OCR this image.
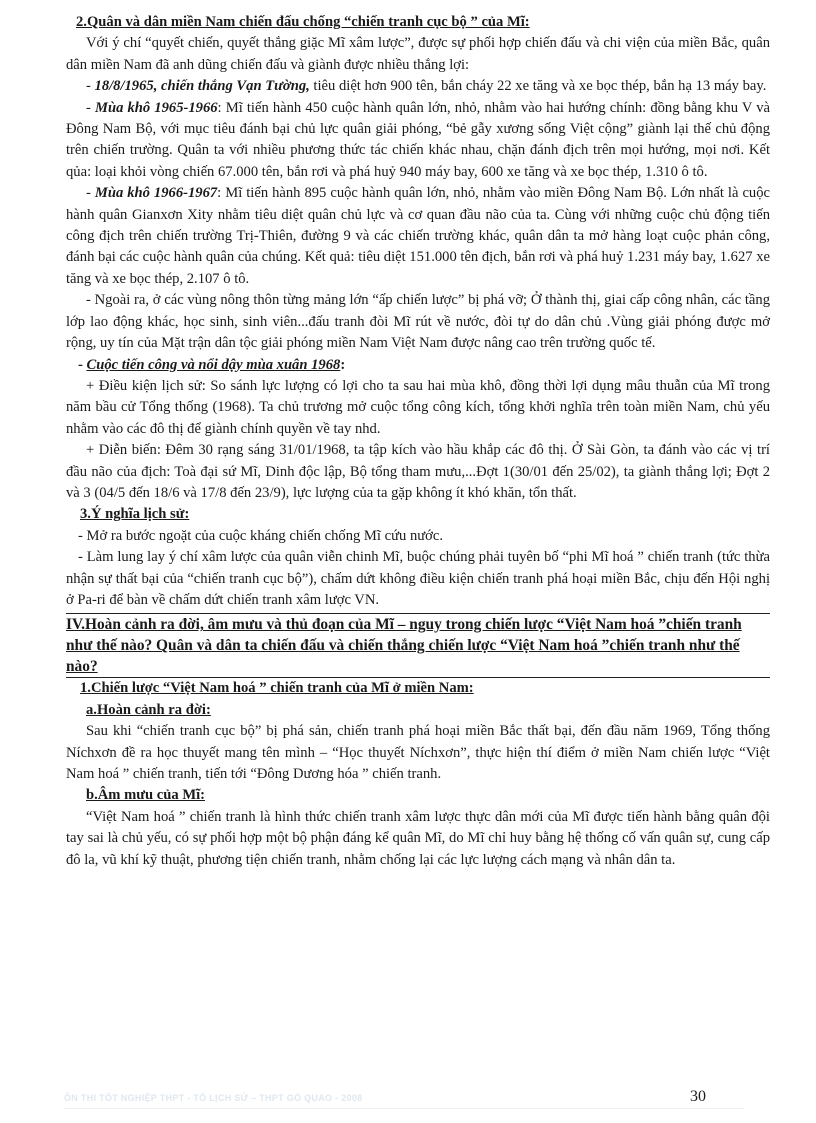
2.Quân và dân miền Nam chiến đấu chống “chiến tranh cục bộ ” của Mĩ:

Với ý chí “quyết chiến, quyết thắng giặc Mĩ xâm lược”, được sự phối hợp chiến đấu và chi viện của miền Bắc, quân dân miền Nam đã anh dũng chiến đấu và giành được nhiều thắng lợi:

- 18/8/1965, chiến thắng Vạn Tường, tiêu diệt hơn 900 tên, bắn cháy 22 xe tăng và xe bọc thép, bắn hạ 13 máy bay.

- Mùa khô 1965-1966: Mĩ tiến hành 450 cuộc hành quân lớn, nhỏ, nhằm vào hai hướng chính: đồng bằng khu V và Đông Nam Bộ, với mục tiêu đánh bại chủ lực quân giải phóng, “bẻ gẫy xương sống Việt cộng” giành lại thế chủ động trên chiến trường. Quân ta với nhiều phương thức tác chiến khác nhau, chặn đánh địch trên mọi hướng, mọi nơi. Kết qủa: loại khỏi vòng chiến 67.000 tên, bắn rơi và phá huỷ 940 máy bay, 600 xe tăng và xe bọc thép, 1.310 ô tô.

- Mùa khô 1966-1967: Mĩ tiến hành 895 cuộc hành quân lớn, nhỏ, nhằm vào miền Đông Nam Bộ. Lớn nhất là cuộc hành quân Gianxơn Xity nhằm tiêu diệt quân chủ lực và cơ quan đầu não của ta. Cùng với những cuộc chủ động tiến công địch trên chiến trường Trị-Thiên, đường 9 và các chiến trường khác, quân dân ta mở hàng loạt cuộc phản công, đánh bại các cuộc hành quân của chúng. Kết quả: tiêu diệt 151.000 tên địch, bắn rơi và phá huỷ 1.231 máy bay, 1.627 xe tăng và xe bọc thép, 2.107 ô tô.

- Ngoài ra, ở các vùng nông thôn từng mảng lớn “ấp chiến lược” bị phá vỡ; Ở thành thị, giai cấp công nhân, các tầng lớp lao động khác, học sinh, sinh viên...đấu tranh đòi Mĩ rút về nước, đòi tự do dân chủ .Vùng giải phóng được mở rộng, uy tín của Mặt trận dân tộc giải phóng miền Nam Việt Nam được nâng cao trên trường quốc tế.

- Cuộc tiến công và nổi dậy mùa xuân 1968:

+ Điều kiện lịch sử: So sánh lực lượng có lợi cho ta sau hai mùa khô, đồng thời lợi dụng mâu thuẫn của Mĩ trong năm bầu cử Tổng thống (1968). Ta chủ trương mở cuộc tổng công kích, tổng khởi nghĩa trên toàn miền Nam, chủ yếu nhằm vào các đô thị để giành chính quyền về tay nhd.

+ Diễn biến: Đêm 30 rạng sáng 31/01/1968, ta tập kích vào hầu khắp các đô thị. Ở Sài Gòn, ta đánh vào các vị trí đầu não của địch: Toà đại sứ Mĩ, Dinh độc lập, Bộ tổng tham mưu,...Đợt 1(30/01 đến 25/02), ta giành thắng lợi; Đợt 2 và 3 (04/5 đến 18/6 và 17/8 đến 23/9), lực lượng của ta gặp không ít khó khăn, tổn thất.

3.Ý nghĩa lịch sử:

- Mở ra bước ngoặt của cuộc kháng chiến chống Mĩ cứu nước.

- Làm lung lay ý chí xâm lược của quân viễn chinh Mĩ, buộc chúng phải tuyên bố “phi Mĩ hoá ” chiến tranh (tức thừa nhận sự thất bại của “chiến tranh cục bộ”), chấm dứt không điều kiện chiến tranh phá hoại miền Bắc, chịu đến Hội nghị ở Pa-ri để bàn về chấm dứt chiến tranh xâm lược VN.

IV.Hoàn cảnh ra đời, âm mưu và thủ đoạn của Mĩ – nguy trong chiến lược “Việt Nam hoá ”chiến tranh như thế nào? Quân và dân ta chiến đấu và chiến thắng chiến lược “Việt Nam hoá ”chiến tranh như thế nào?

1.Chiến lược “Việt Nam hoá ” chiến tranh của Mĩ ở miền Nam:

a.Hoàn cảnh ra đời:

Sau khi “chiến tranh cục bộ” bị phá sản, chiến tranh phá hoại miền Bắc thất bại, đến đầu năm 1969, Tổng thống Níchxơn đề ra học thuyết mang tên mình – “Học thuyết Níchxơn”, thực hiện thí điểm ở miền Nam chiến lược “Việt Nam hoá ” chiến tranh, tiến tới “Đông Dương hóa ” chiến tranh.

b.Âm mưu của Mĩ:

“Việt Nam hoá ” chiến tranh là hình thức chiến tranh xâm lược thực dân mới của Mĩ được tiến hành bằng quân đội tay sai là chủ yếu, có sự phối hợp một bộ phận đáng kể quân Mĩ, do Mĩ chỉ huy bằng hệ thống cố vấn quân sự, cung cấp đô la, vũ khí kỹ thuật, phương tiện chiến tranh, nhằm chống lại các lực lượng cách mạng và nhân dân ta.

ÔN THI TỐT NGHIỆP THPT - TỔ LỊCH SỬ – THPT GÒ QUAO - 2008	30
